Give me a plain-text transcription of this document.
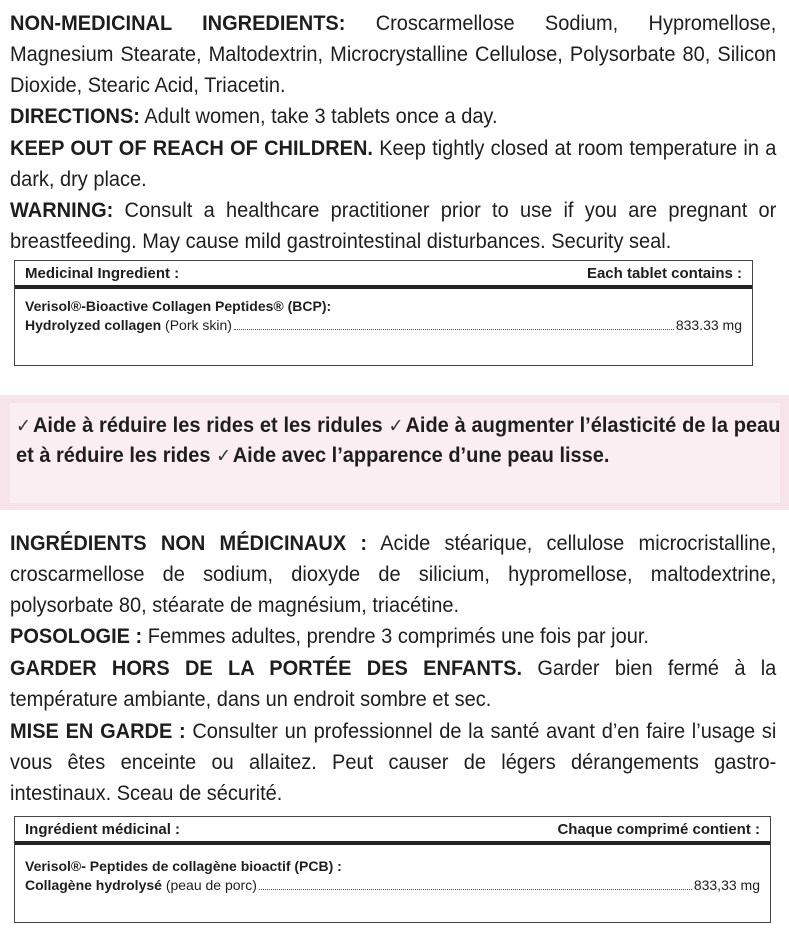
NON-MEDICINAL INGREDIENTS: Croscarmellose Sodium, Hypromellose, Magnesium Stearate, Maltodextrin, Microcrystalline Cellulose, Polysorbate 80, Silicon Dioxide, Stearic Acid, Triacetin.

DIRECTIONS: Adult women, take 3 tablets once a day.

KEEP OUT OF REACH OF CHILDREN. Keep tightly closed at room temperature in a dark, dry place.

WARNING: Consult a healthcare practitioner prior to use if you are pregnant or breastfeeding. May cause mild gastrointestinal disturbances. Security seal.

Medicinal Ingredient :	Each tablet contains :
Verisol®-Bioactive Collagen Peptides® (BCP):
Hydrolyzed collagen (Pork skin)	833.33 mg

✓Aide à réduire les rides et les ridules ✓Aide à augmenter l’élasticité de la peau et à réduire les rides ✓Aide avec l’apparence d’une peau lisse.

INGRÉDIENTS NON MÉDICINAUX : Acide stéarique, cellulose microcristalline, croscarmellose de sodium, dioxyde de silicium, hypromellose, maltodextrine, polysorbate 80, stéarate de magnésium, triacétine.

POSOLOGIE : Femmes adultes, prendre 3 comprimés une fois par jour.

GARDER HORS DE LA PORTÉE DES ENFANTS. Garder bien fermé à la température ambiante, dans un endroit sombre et sec.

MISE EN GARDE : Consulter un professionnel de la santé avant d’en faire l’usage si vous êtes enceinte ou allaitez. Peut causer de légers dérangements gastro-intestinaux. Sceau de sécurité.

Ingrédient médicinal :	Chaque comprimé contient :
Verisol®- Peptides de collagène bioactif (PCB) :
Collagène hydrolysé (peau de porc)	833,33 mg
